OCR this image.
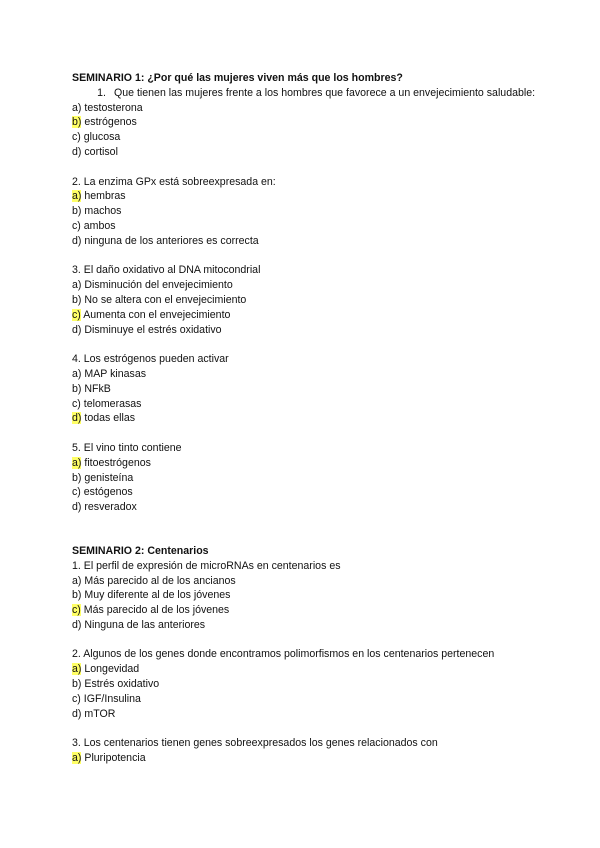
SEMINARIO 1: ¿Por qué las mujeres viven más que los hombres?

1. Que tienen las mujeres frente a los hombres que favorece a un envejecimiento saludable:

a) testosterona

b) estrógenos

c) glucosa

d) cortisol

2. La enzima GPx está sobreexpresada en:

a) hembras

b) machos

c) ambos

d) ninguna de los anteriores es correcta

3. El daño oxidativo al DNA mitocondrial

a) Disminución del envejecimiento

b) No se altera con el envejecimiento

c) Aumenta con el envejecimiento

d) Disminuye el estrés oxidativo

4. Los estrógenos pueden activar

a) MAP kinasas

b) NFkB

c) telomerasas

d) todas ellas

5. El vino tinto contiene

a) fitoestrógenos

b) genisteína

c) estógenos

d) resveradox

SEMINARIO 2: Centenarios

1. El perfil de expresión de microRNAs en centenarios es

a) Más parecido al de los ancianos

b) Muy diferente al de los jóvenes

c) Más parecido al de los jóvenes

d) Ninguna de las anteriores

2. Algunos de los genes donde encontramos polimorfismos en los centenarios pertenecen

a) Longevidad

b) Estrés oxidativo

c) IGF/Insulina

d) mTOR

3. Los centenarios tienen genes sobreexpresados los genes relacionados con

a) Pluripotencia
